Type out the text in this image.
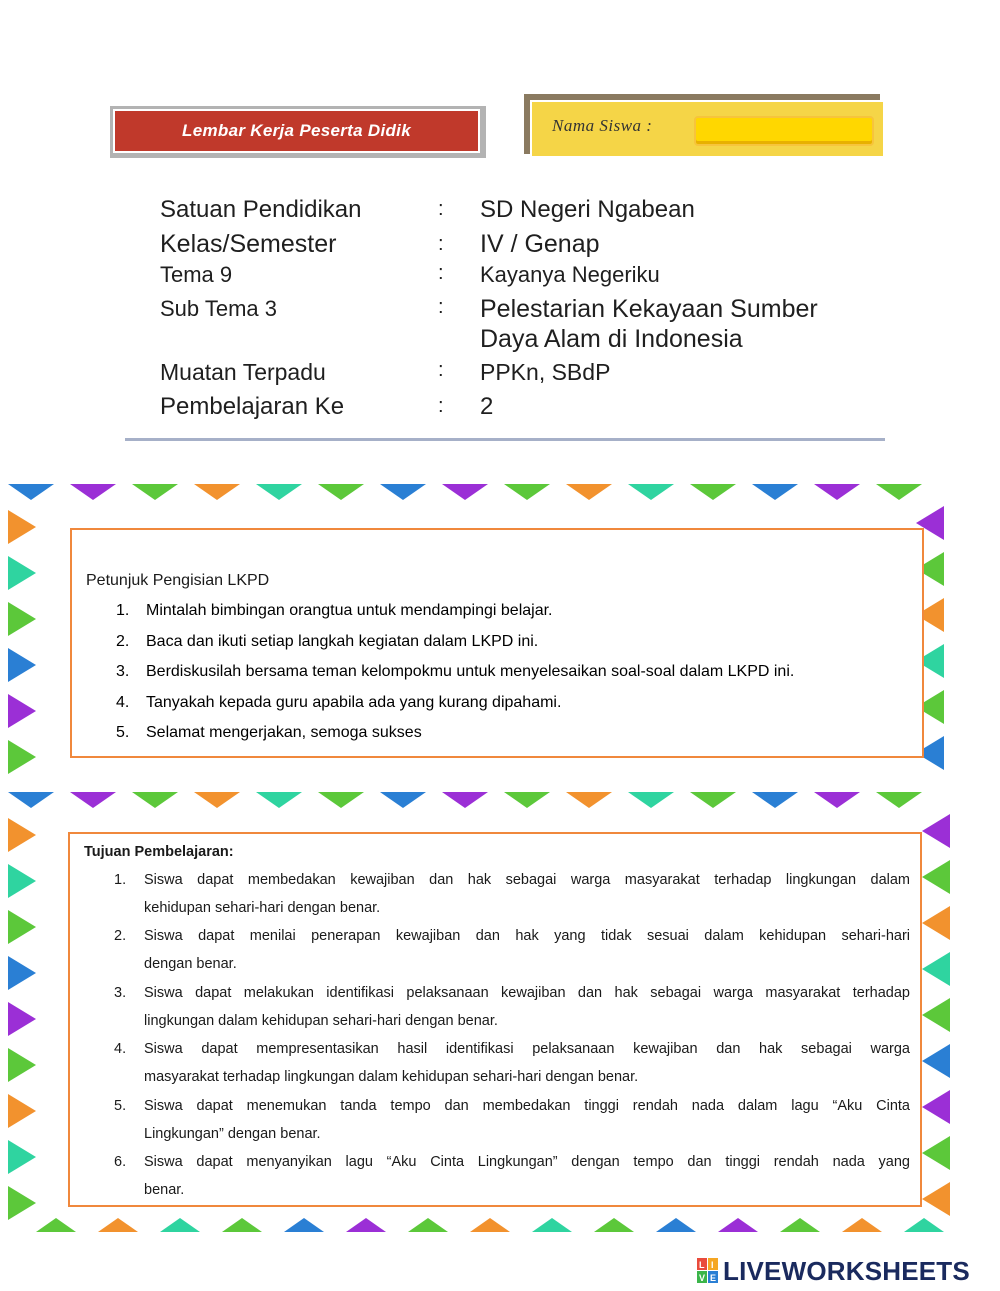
Lembar Kerja Peserta Didik	Nama Siswa :
Satuan Pendidikan	: SD Negeri Ngabean
Kelas/Semester	: IV / Genap
Tema 9	: Kayanya Negeriku
Sub Tema 3	: Pelestarian Kekayaan Sumber
Daya Alam di Indonesia
Muatan Terpadu	: PPKn, SBdP
Pembelajaran Ke	: 2
Petunjuk Pengisian LKPD
1. Mintalah bimbingan orangtua untuk mendampingi belajar.
2. Baca dan ikuti setiap langkah kegiatan dalam LKPD ini.
3. Berdiskusilah bersama teman kelompokmu untuk menyelesaikan soal-soal dalam LKPD ini.
4. Tanyakah kepada guru apabila ada yang kurang dipahami.
5. Selamat mengerjakan, semoga sukses
Tujuan Pembelajaran:
1. Siswa dapat membedakan kewajiban dan hak sebagai warga masyarakat terhadap lingkungan dalam
kehidupan sehari-hari dengan benar.
2. Siswa dapat menilai penerapan kewajiban dan hak yang tidak sesuai dalam kehidupan sehari-hari
dengan benar.
3. Siswa dapat melakukan identifikasi pelaksanaan kewajiban dan hak sebagai warga masyarakat terhadap
lingkungan dalam kehidupan sehari-hari dengan benar.
4. Siswa dapat mempresentasikan hasil identifikasi pelaksanaan kewajiban dan hak sebagai warga
masyarakat terhadap lingkungan dalam kehidupan sehari-hari dengan benar.
5. Siswa dapat menemukan tanda tempo dan membedakan tinggi rendah nada dalam lagu “Aku Cinta
Lingkungan” dengan benar.
6. Siswa dapat menyanyikan lagu “Aku Cinta Lingkungan” dengan tempo dan tinggi rendah nada yang
benar.
L I
V E LIVEWORKSHEETS
